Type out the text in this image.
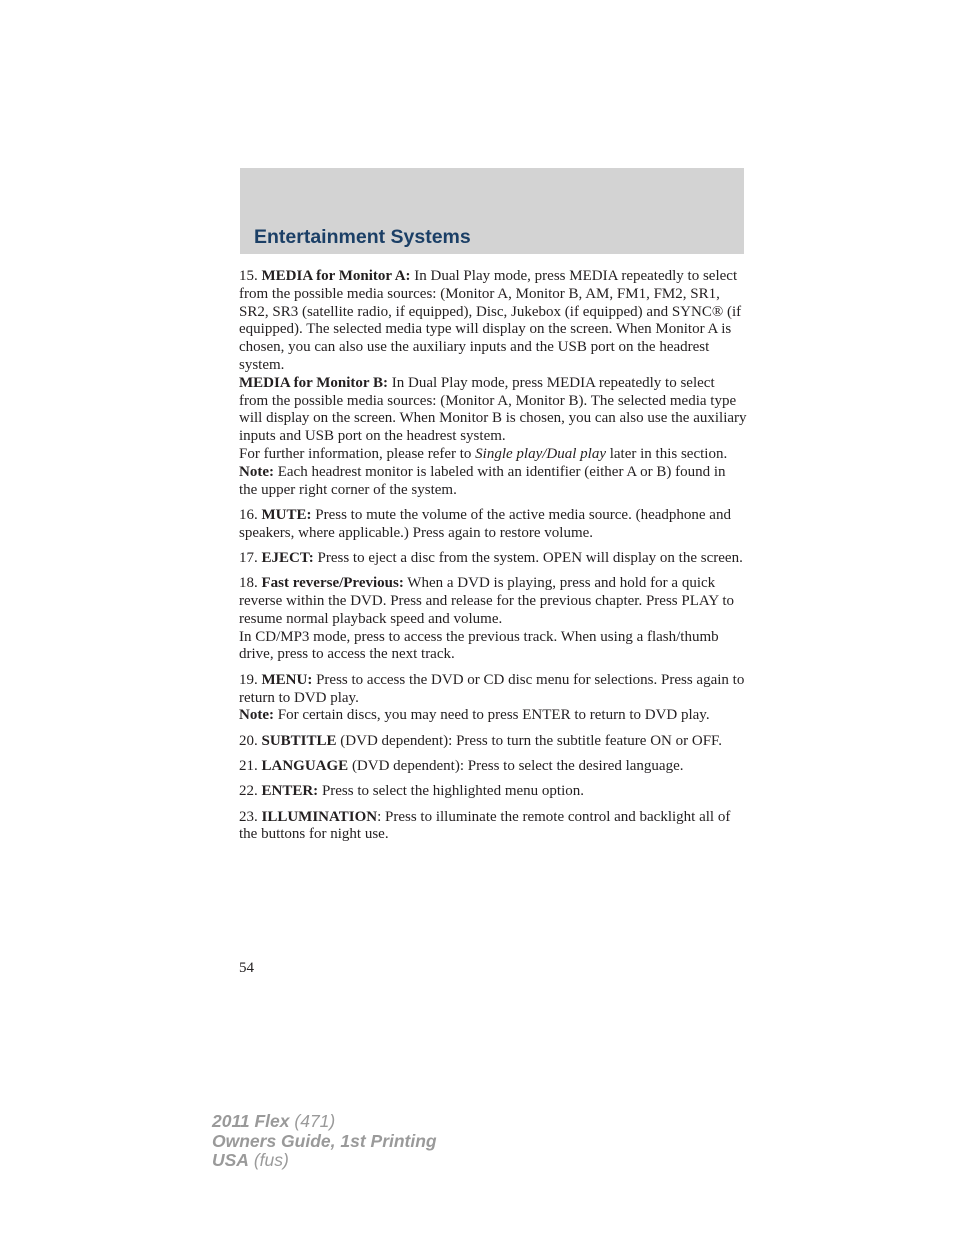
Entertainment Systems

15. MEDIA for Monitor A: In Dual Play mode, press MEDIA repeatedly to select from the possible media sources: (Monitor A, Monitor B, AM, FM1, FM2, SR1, SR2, SR3 (satellite radio, if equipped), Disc, Jukebox (if equipped) and SYNC® (if equipped). The selected media type will display on the screen. When Monitor A is chosen, you can also use the auxiliary inputs and the USB port on the headrest system.

MEDIA for Monitor B: In Dual Play mode, press MEDIA repeatedly to select from the possible media sources: (Monitor A, Monitor B). The selected media type will display on the screen. When Monitor B is chosen, you can also use the auxiliary inputs and USB port on the headrest system.

For further information, please refer to Single play/Dual play later in this section.

Note: Each headrest monitor is labeled with an identifier (either A or B) found in the upper right corner of the system.

16. MUTE: Press to mute the volume of the active media source. (headphone and speakers, where applicable.) Press again to restore volume.

17. EJECT: Press to eject a disc from the system. OPEN will display on the screen.

18. Fast reverse/Previous: When a DVD is playing, press and hold for a quick reverse within the DVD. Press and release for the previous chapter. Press PLAY to resume normal playback speed and volume.

In CD/MP3 mode, press to access the previous track. When using a flash/thumb drive, press to access the next track.

19. MENU: Press to access the DVD or CD disc menu for selections. Press again to return to DVD play.

Note: For certain discs, you may need to press ENTER to return to DVD play.

20. SUBTITLE (DVD dependent): Press to turn the subtitle feature ON or OFF.

21. LANGUAGE (DVD dependent): Press to select the desired language.

22. ENTER: Press to select the highlighted menu option.

23. ILLUMINATION: Press to illuminate the remote control and backlight all of the buttons for night use.

54
2011 Flex (471)
Owners Guide, 1st Printing
USA (fus)
